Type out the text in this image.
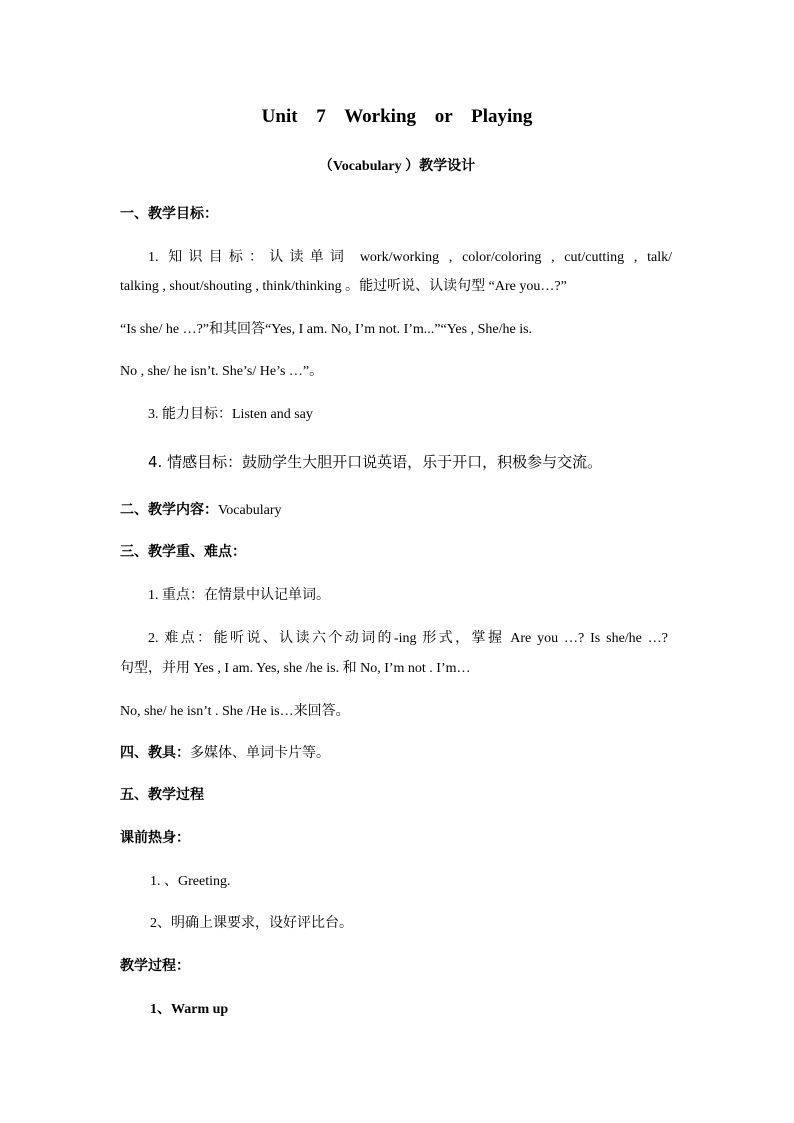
Unit 7 Working or Playing
（Vocabulary ）教学设计
一、教学目标：
1. 知识目标：认读单词 work/working , color/coloring , cut/cutting , talk/
talking , shout/shouting , think/thinking 。能过听说、认读句型 “Are you…?”
“Is she/ he …?”和其回答“Yes, I am. No, I’m not. I’m...”“Yes , She/he is.
No , she/ he isn’t. She’s/ He’s …”。
3. 能力目标：Listen and say
4. 情感目标：鼓励学生大胆开口说英语，乐于开口，积极参与交流。
二、教学内容：Vocabulary
三、教学重、难点：
1. 重点：在情景中认记单词。
2. 难点：能听说、认读六个动词的-ing 形式，掌握 Are you …? Is she/he …?
句型，并用 Yes , I am. Yes, she /he is. 和 No, I’m not . I’m…
No, she/ he isn’t . She /He is…来回答。
四、教具：多媒体、单词卡片等。
五、教学过程
课前热身：
1. 、Greeting.
2、明确上课要求，设好评比台。
教学过程：
1、Warm up
